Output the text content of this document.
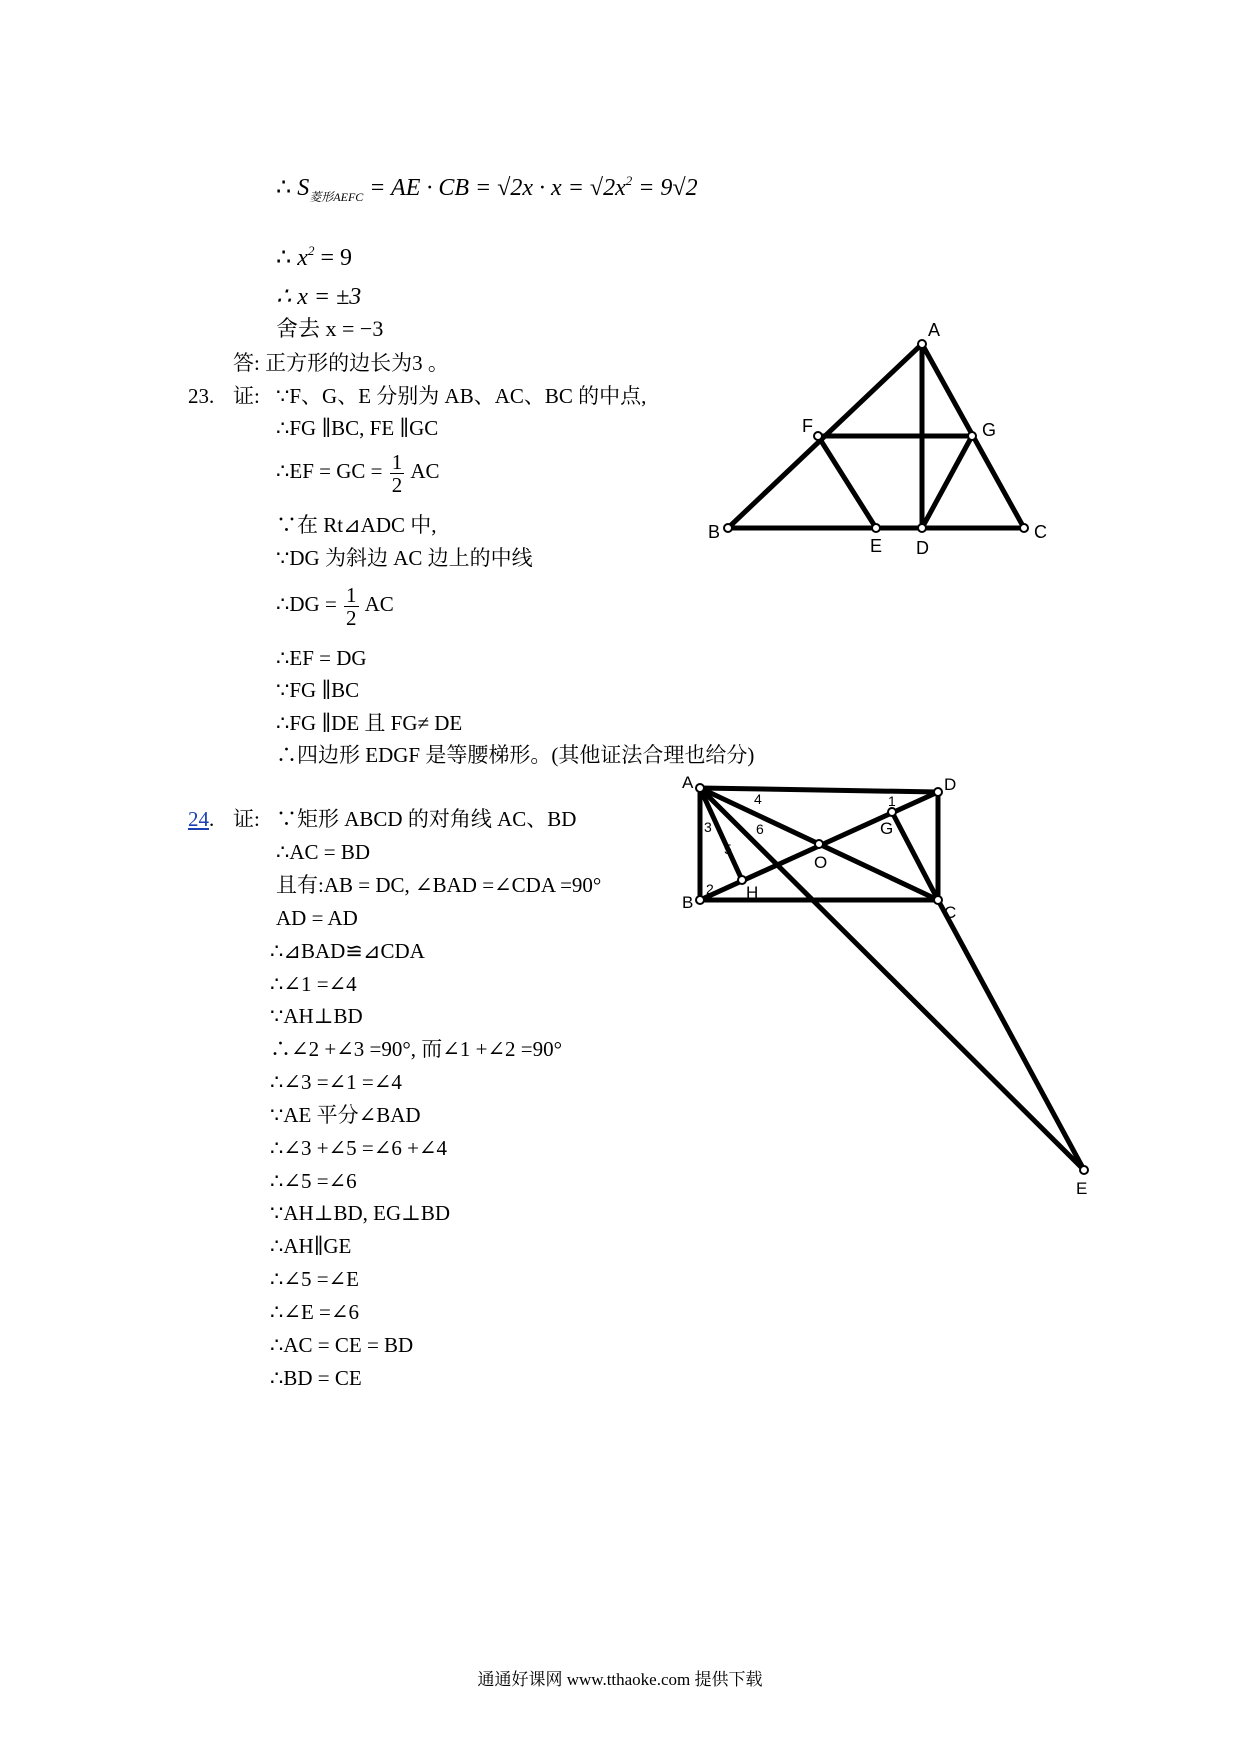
∴ $S_{菱形AEFC}$ = AE · CB = $√2x \cdot x = √2x^2 = 9√2$
∴ $x^2 = 9$
∴ x = ±3
舍去 x = −3
答: 正方形的边长为3 。
23. 证: ∵F、G、E 分别为 AB、AC、BC 的中点,
∴FG ∥BC, FE ∥GC
∴EF = GC = $\frac{1}{2}$ AC
∵在 Rt⊿ADC 中,
∵DG 为斜边 AC 边上的中线
∴DG = $\frac{1}{2}$ AC
∴EF = DG
∵FG ∥BC
∴FG ∥DE 且 FG≠ DE
∴四边形 EDGF 是等腰梯形。(其他证法合理也给分)
A
B	C
D
E
F	G
24. 证: ∵矩形 ABCD 的对角线 AC、BD
∴AC = BD
且有:AB = DC, ∠BAD =∠CDA =90°
AD = AD
∴⊿BAD≌⊿CDA
∴∠1 =∠4
∵AH⊥BD
∴∠2 +∠3 =90°, 而∠1 +∠2 =90°
∴∠3 =∠1 =∠4
∵AE 平分∠BAD
∴∠3 +∠5 =∠6 +∠4
∴∠5 =∠6
∵AH⊥BD, EG⊥BD
∴AH∥GE
∴∠5 =∠E
∴∠E =∠6
∴AC = CE = BD
∴BD = CE
A
B
C
D
E
G
H
O
1
2
3
4
5
6
通通好课网 www.tthaoke.com 提供下载
